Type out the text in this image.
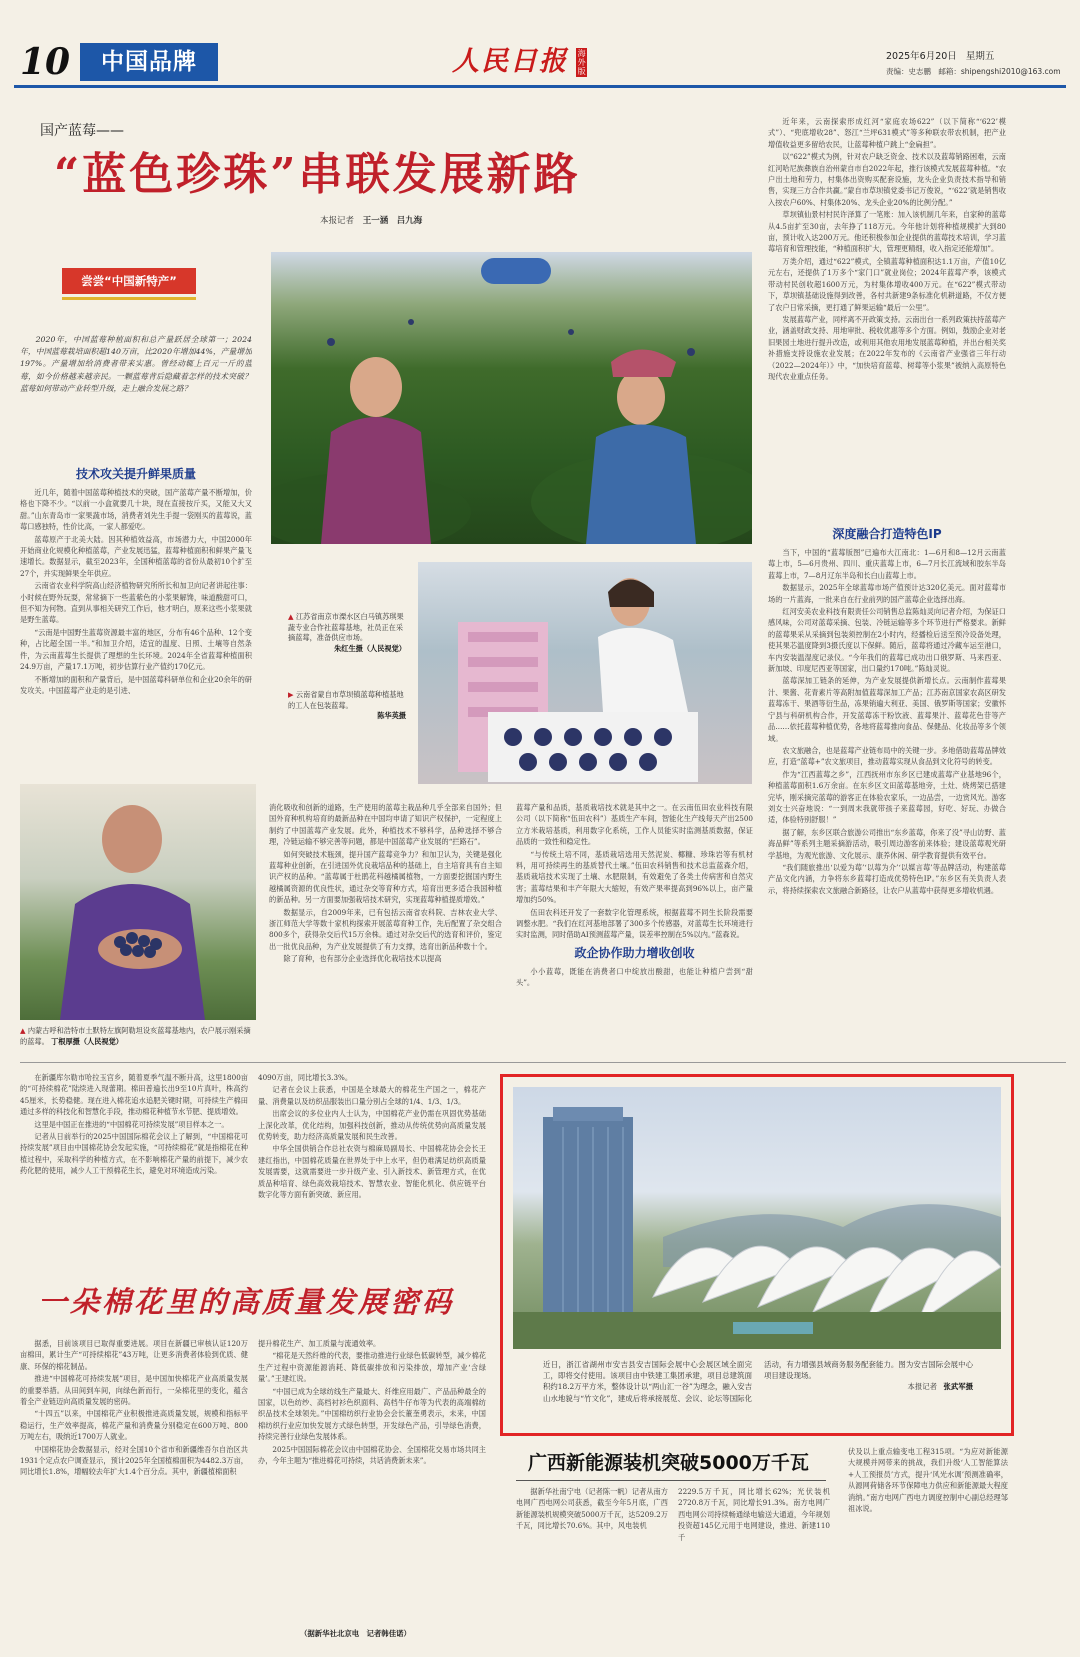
10	中国品牌	人民日报 海外版
2025年6月20日 星期五
责编：史志鹏 邮箱：shipengshi2010@163.com
国产蓝莓——
“蓝色珍珠”串联发展新路
本报记者 王一涵　吕九海
尝尝“中国新特产”

2020年，中国蓝莓种植面积和总产量跃居全球第一；2024年，中国蓝莓栽培面积超140万亩，比2020年增加44%，产量增加197%。产量增加给消费者带来实惠。曾经动辄上百元一斤的蓝莓，如今价格越来越亲民。一颗蓝莓背后隐藏着怎样的技术突破？蓝莓如何带动产业转型升级，走上融合发展之路？

技术攻关提升鲜果质量

近几年，随着中国蓝莓种植技术的突破，国产蓝莓产量不断增加，价格也下降不少。“以前一小盒就要几十块，现在直接按斤买，又能又大又甜。”山东青岛市一家果蔬市场，消费者刘先生手提一袋刚买的蓝莓说，蓝莓口感独特，性价比高，一家人都爱吃。

蓝莓原产于北美大陆。因其种植效益高，市场潜力大，中国2000年开始商业化规模化种植蓝莓，产业发展迅猛，蓝莓种植面积和鲜果产量飞速增长。数据显示，截至2023年，全国种植蓝莓的省份从最初10个扩至27个，并实现鲜果全年供应。

云南省农业科学院高山经济植物研究所所长和加卫向记者讲起往事：小时候在野外玩耍，常常摘下一些蓝紫色的小浆果解馋，味道酸甜可口，但不知为何物。直到从事相关研究工作后，他才明白，原来这些小浆果就是野生蓝莓。

“云南是中国野生蓝莓资源最丰富的地区，分布有46个品种、12个变种，占比超全国一半。”和加卫介绍，适宜的温度、日照、土壤等自然条件，为云南蓝莓生长提供了理想的生长环境。2024年全省蓝莓种植面积24.9万亩，产量17.1万吨，初步估算行业产值约170亿元。

不断增加的面积和产量背后，是中国蓝莓科研单位和企业20余年的研发攻关。中国蓝莓产业走的是引进、

▲ 江苏省南京市溧水区白马镇苏琪果蔬专业合作社蓝莓基地，社员正在采摘蓝莓，准备供应市场。
朱红生摄（人民视觉）
▶ 云南省蒙自市草坝镇蓝莓种植基地的工人在包装蓝莓。
陈华英摄
▲ 内蒙古呼和浩特市土默特左旗阿勒坦设亥蓝莓基地内，农户展示刚采摘的蓝莓。 丁根厚摄（人民视觉）

消化吸收和创新的道路，生产使用的蓝莓主栽品种几乎全部来自国外；但国外育种机构培育的最新品种在中国均申请了知识产权保护，一定程度上制约了中国蓝莓产业发展。此外，种植技术不够科学，品种选择不够合理，冷链运输不够完善等问题，都是中国蓝莓产业发展的“拦路石”。

如何突破技术瓶颈，提升国产蓝莓竞争力？和加卫认为，关键是强化蓝莓种业创新，在引进国外优良栽培品种的基础上，自主培育具有自主知识产权的品种。“蓝莓属于杜鹃花科越橘属植物，一方面要挖掘国内野生越橘属资源的优良性状，通过杂交等育种方式，培育出更多适合我国种植的新品种。另一方面要加强栽培技术研究，实现蓝莓种植提质增效。”

数据显示，自2009年来，已有包括云南省农科院、吉林农业大学、浙江师范大学等数十家机构探索开展蓝莓育种工作，先后配置了杂交组合800多个，获得杂交后代15万余株。通过对杂交后代的选育和评价，鉴定出一批优良品种，为产业发展提供了有力支撑，选育出新品种数十个。

除了育种，也有部分企业选择优化栽培技术以提高

蓝莓产量和品质，基质栽培技术就是其中之一。在云南伍田农业科技有限公司（以下简称“伍田农科”）基质生产车间，智能化生产线每天产出2500立方米栽培基质，利用数字化系统，工作人员能实时监测基质数据，保证品质的一致性和稳定性。

“与传统土培不同，基质栽培选用天然泥炭、椰糠、珍珠岩等有机材料，用可持续再生的基质替代土壤。”伍田农科销售和技术总监蓝森介绍，基质栽培技术实现了土壤、水肥限制，有效避免了各类土传病害和自然灾害；蓝莓结果和丰产年限大大缩短，有效产果率提高到96%以上，亩产量增加约50%。

伍田农科还开发了一套数字化管理系统，根据蓝莓不同生长阶段需要调整水肥。“我们在红河基地部署了300多个传感器，对蓝莓生长环境进行实时监测，同时借助AI预测蓝莓产量，误差率控制在5%以内。”蓝森说。

政企协作助力增收创收

小小蓝莓，既能在消费者口中绽放出酸甜，也能让种植户尝到“甜头”。

近年来，云南探索形成红河“家庭农场622”（以下简称“‘622’模式”）、“兜底增收28”、怒江“兰坪631模式”等多种联农带农机制，把产业增值收益更多留给农民，让蓝莓种植户跳上“金扁担”。

以“622”模式为例，针对农户缺乏资金、技术以及蓝莓销路困难，云南红河哈尼族彝族自治州蒙自市自2022年起，推行该模式发展蓝莓种植。“农户出土地和劳力，村集体出资购买配套设施，龙头企业负责技术指导和销售，实现三方合作共赢。”蒙自市草坝镇党委书记万俊说，“‘622’就是销售收入按农户60%、村集体20%、龙头企业20%的比例分配。”

草坝镇仙景村村民许泽算了一笔账：加入该机制几年来，自家种的蓝莓从4.5亩扩至30亩，去年挣了118万元。今年他计划将种植规模扩大到80亩，预计收入达200万元。他还积极参加企业提供的蓝莓技术培训，学习蓝莓培育和管理技能，“种植面积扩大，管理更精细，收入指定还能增加”。

万类介绍，通过“622”模式，全镇蓝莓种植面积达1.1万亩，产值10亿元左右，还提供了1万多个“家门口”就业岗位；2024年蓝莓产季，该模式带动村民创收超1600万元，为村集体增收400万元。在“622”模式带动下，草坝镇基础设施得到改善，各村共新建9条标准化机耕道路，不仅方便了农户日常采摘，更打通了鲜果运输“最后一公里”。

发展蓝莓产业，同样离不开政策支持。云南出台一系列政策扶持蓝莓产业，涵盖财政支持、用地审批、税收优惠等多个方面。例如，鼓励企业对老旧果园土地进行提升改造，或利用其他农用地发展蓝莓种植，并出台相关奖补措施支持设施农业发展；在2022年发布的《云南省产业强省三年行动（2022—2024年）》中，“加快培育蓝莓、树莓等小浆果”被纳入高原特色现代农业重点任务。

深度融合打造特色IP

当下，中国的“蓝莓版图”已遍布大江南北：1—6月和8—12月云南蓝莓上市，5—6月贵州、四川、重庆蓝莓上市，6—7月长江流域和胶东半岛蓝莓上市，7—8月辽东半岛和长白山蓝莓上市。

数据显示，2025年全球蓝莓市场产值预计达320亿美元。面对蓝莓市场的一片蓝海，一批来自在行业前列的国产蓝莓企业选择出海。

红河安美农业科技有限责任公司销售总监陈灿灵向记者介绍，为保证口感风味，公司对蓝莓采摘、包装、冷链运输等多个环节进行严格要求。新鲜的蓝莓果采从采摘到包装须控制在2小时内，经播检后送至预冷设备处理，使其果芯温度降到3摄氏度以下保鲜。随后，蓝莓将通过冷藏车运至港口，车内安装温湿度记录仪。“今年我们的蓝莓已成功出口俄罗斯、马来西亚、新加坡、印度尼西亚等国家，出口量约170吨。”陈灿灵说。

蓝莓深加工链条的延伸，为产业发展提供新增长点。云南制作蓝莓果汁、果酱、花青素片等高附加值蓝莓深加工产品；江苏南京国家农高区研发蓝莓冻干、果酒等衍生品，冻果销遍大利亚、美国、俄罗斯等国家；安徽怀宁县与科研机构合作，开发蓝莓冻干粉饮液、蓝莓果汁、蓝莓花色苷等产品……依托蓝莓种植优势，各地将蓝莓推向食品、保健品、化妆品等多个领域。

农文旅融合，也是蓝莓产业链布局中的关键一步。多地借助蓝莓品牌效应，打造“蓝莓+”农文旅项目，推动蓝莓实现从食品到文化符号的转变。

作为“江西蓝莓之乡”，江西抚州市东乡区已建成蓝莓产业基地96个，种植蓝莓面积1.6万余亩。在东乡区文田蓝莓基地旁，土灶、烧烤架已搭建完毕，刚采摘完蓝莓的游客正在体验农家乐，一边品尝，一边赏风光。游客刘女士兴奋地说：“一到周末我就带孩子来蓝莓园，好吃、好玩、办做合适，体验特别舒服！”

据了解，东乡区联合旅游公司推出“东乡蓝莓，你来了没”寻山访野、蓝海品鲜”等系列主题采摘游活动，吸引周边游客前来体验；建设蓝莓观光研学基地，为观光旅游、文化展示、康养休闲、研学教育提供有效平台。

“我们随旅推出‘以爱为莓’‘以莓为介’‘以媒言莓’等品牌活动，构建蓝莓产品文化内涵，力争将东乡蓝莓打造成优势特色IP。”东乡区有关负责人表示，将持续探索农文旅融合新路径，让农户从蓝莓中获得更多增收机遇。

在新疆库尔勒市哈拉玉宫乡，随着夏季气温不断升高，这里1800亩的“可持续棉花”陆续进入现蕾期。棉田普遍长出9至10片真叶，株高约45厘米，长势稳健。现在进入棉花追水追肥关键时期，可持续生产棉田通过多样的科技化和智慧化手段，推动棉花种植节水节肥、提质增效。

这里是中国正在推进的“中国棉花可持续发展”项目样本之一。

记者从日前举行的2025中国国际棉花会议上了解到，“中国棉花可持续发展”项目由中国棉花协会发起实施，“可持续棉花”就是指棉花在种植过程中，采取科学的种植方式，在不影响棉花产量的前提下，减少农药化肥的使用，减少人工干预棉花生长，避免对环境造成污染。

4090万亩，同比增长3.3%。

记者在会议上获悉，中国是全球最大的棉花生产国之一，棉花产量、消费量以及纺织品服装出口量分别占全球的1/4、1/3、1/3。

出席会议的多位业内人士认为，中国棉花产业仍需在巩固优势基础上深化改革，优化结构，加强科技创新，推动从传统优势向高质量发展优势转变，助力经济高质量发展和民生改善。

中华全国供销合作总社农资与棉麻局副局长、中国棉花协会会长王建红指出，中国棉花质量在世界处于中上水平，但仍难满足纺织高质量发展需要，这就需要进一步升级产业、引入新技术、新管理方式，在优质品种培育、绿色高效栽培技术、智慧农业、智能化机化、供应链平台数字化等方面有新突破、新应用。

一朵棉花里的高质量发展密码

据悉，目前该项目已取得重要进展。项目在新疆已审核认证120万亩棉田，累计生产“可持续棉花”43万吨，让更多消费者体验到优质、健康、环保的棉花制品。

推进“中国棉花可持续发展”项目，是中国加快棉花产业高质量发展的重要举措。从田间到车间，向绿色新而行，一朵棉花里的变化，蕴含着全产业链迈向高质量发展的密码。

“十四五”以来，中国棉花产业积极推进高质量发展，规模和指标平稳运行，生产效率提高，棉花产量和消费量分别稳定在600万吨、800万吨左右，吸纳近1700万人就业。

中国棉花协会数据显示，经对全国10个省市和新疆维吾尔自治区共1931个定点农户调查显示，预计2025年全国植棉面积为4482.3万亩，同比增长1.8%，增幅较去年扩大1.4个百分点。其中，新疆植棉面积

提升棉花生产、加工质量与流通效率。

“棉花是天然纤维的代表，要推动推进行业绿色低碳转型，减少棉花生产过程中资源能源消耗、降低碳排放和污染排放，增加产业‘含绿量’。”王建红说。

“中国已成为全球纺线生产量最大、纤维应用最广、产品品种最全的国家，以色纺纱、高档衬衫色织面料、高档牛仔布等为代表的高端棉纺织品技术全球领先。”中国棉纺织行业协会会长董奎勇表示，未来，中国棉纺织行业应加快发展方式绿色转型，开发绿色产品，引导绿色消费，持续完善行业绿色发展体系。

2025中国国际棉花会议由中国棉花协会、全国棉花交易市场共同主办，今年主题为“推进棉花可持续，共话消费新未来”。

（据新华社北京电　记者韩佳诺）
近日，浙江省湖州市安吉县安吉国际会展中心会展区域全面完工，即将交付使用。该项目由中铁建工集团承建，项目总建筑面积约18.2万平方米，整体设计以“两山汇一谷”为理念，融入安吉山水地貌与“竹文化”，建成后将承接展览、会议、论坛等国际化活动，有力增强县域商务服务配套能力。图为安吉国际会展中心项目建设现场。
本报记者 张武军摄
广西新能源装机突破5000万千瓦

据新华社南宁电（记者陈一帆）记者从南方电网广西电网公司获悉，截至今年5月底，广西新能源装机规模突破5000万千瓦，达5209.2万千瓦，同比增长70.6%。其中，风电装机

2229.5万千瓦，同比增长62%；光伏装机2720.8万千瓦，同比增长91.3%。南方电网广西电网公司持续畅通绿电输送大通道，今年规划投资超145亿元用于电网建设，推进、新建110千

伏及以上重点输变电工程315项。“为应对新能源大规模并网带来的挑战，我们升级‘人工智能算法+人工预报员’方式，提升‘风光水调’预测准确率，从源网荷储各环节保障电力供应和新能源最大程度消纳。”南方电网广西电力调度控制中心副总经理邹祖冰说。
